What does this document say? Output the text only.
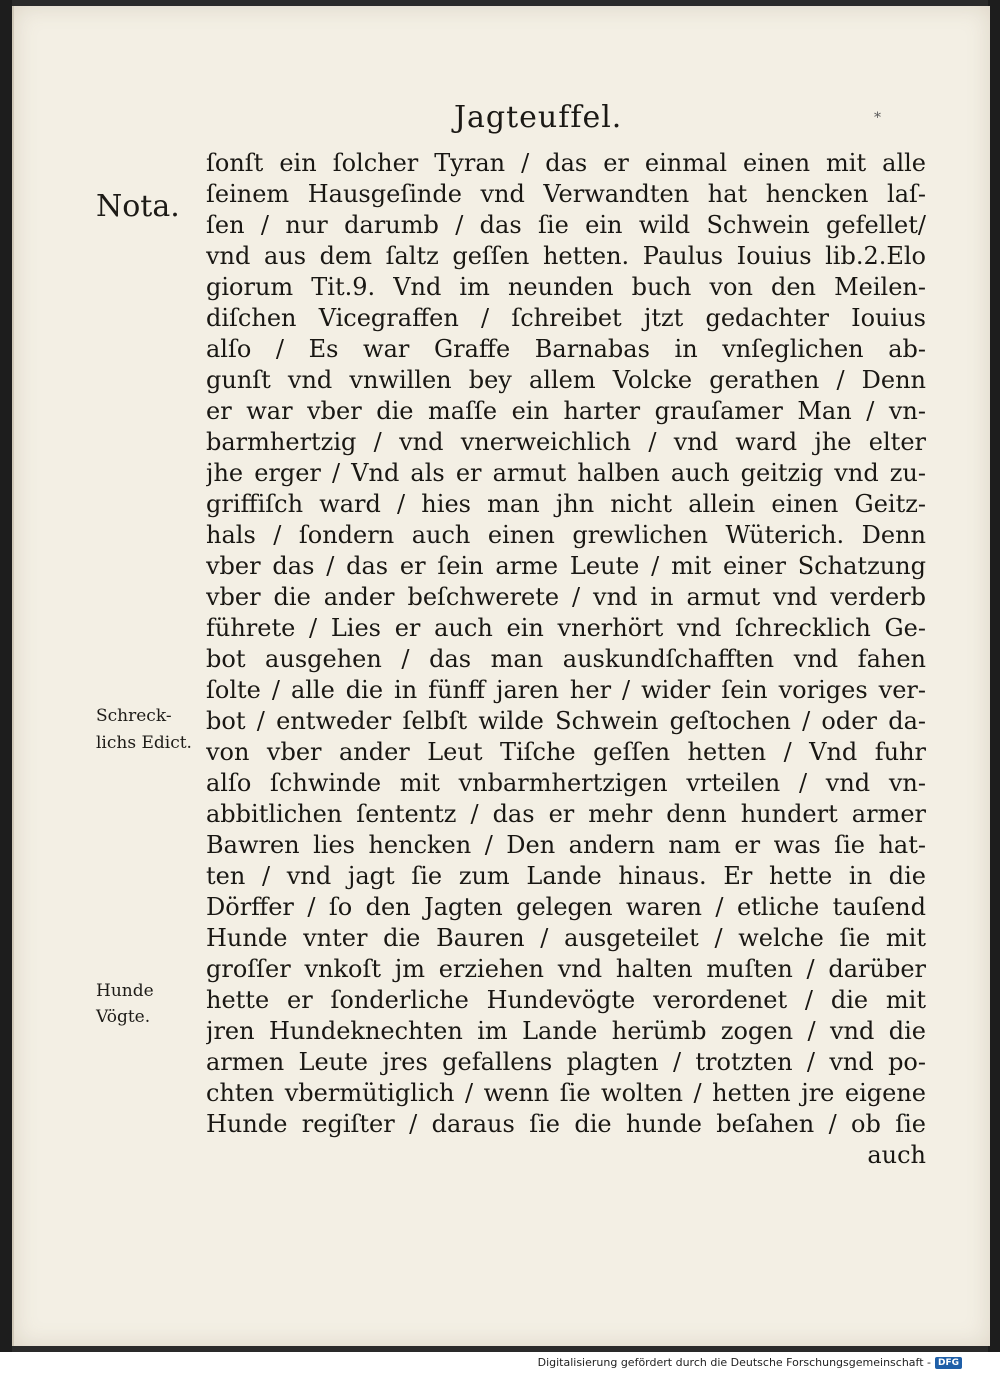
Jagteuffel.	*
ſonſt ein ſolcher Tyran / das er einmal einen mit alle
ſeinem Hausgeſinde vnd Verwandten hat hencken laſ-
ſen / nur darumb / das ſie ein wild Schwein gefellet/
vnd aus dem ſaltz geſſen hetten. Paulus Iouius lib.2.Elo
giorum Tit.9. Vnd im neunden buch von den Meilen-
diſchen Vicegraffen / ſchreibet jtzt gedachter Iouius
alſo / Es war Graffe Barnabas in vnſeglichen ab-
gunſt vnd vnwillen bey allem Volcke gerathen / Denn
er war vber die maſſe ein harter grauſamer Man / vn-
barmhertzig / vnd vnerweichlich / vnd ward jhe elter
jhe erger / Vnd als er armut halben auch geitzig vnd zu-
griffiſch ward / hies man jhn nicht allein einen Geitz-
hals / ſondern auch einen grewlichen Wüterich. Denn
vber das / das er ſein arme Leute / mit einer Schatzung
vber die ander beſchwerete / vnd in armut vnd verderb
führete / Lies er auch ein vnerhört vnd ſchrecklich Ge-
bot ausgehen / das man auskundſchafften vnd fahen
ſolte / alle die in fünff jaren her / wider ſein voriges ver-
bot / entweder ſelbſt wilde Schwein geſtochen / oder da-
von vber ander Leut Tiſche geſſen hetten / Vnd fuhr
alſo ſchwinde mit vnbarmhertzigen vrteilen / vnd vn-
abbitlichen ſententz / das er mehr denn hundert armer
Bawren lies hencken / Den andern nam er was ſie hat-
ten / vnd jagt ſie zum Lande hinaus. Er hette in die
Dörffer / ſo den Jagten gelegen waren / etliche tauſend
Hunde vnter die Bauren / ausgeteilet / welche ſie mit
groſſer vnkoſt jm erziehen vnd halten muſten / darüber
hette er ſonderliche Hundevögte verordenet / die mit
jren Hundeknechten im Lande herümb zogen / vnd die
armen Leute jres gefallens plagten / trotzten / vnd po-
chten vbermütiglich / wenn ſie wolten / hetten jre eigene
Hunde regiſter / daraus ſie die hunde beſahen / ob ſie
auch
Nota.
Schreck-
lichs Edict.
Hunde
Vögte.
Digitalisierung gefördert durch die Deutsche Forschungsgemeinschaft - DFG
